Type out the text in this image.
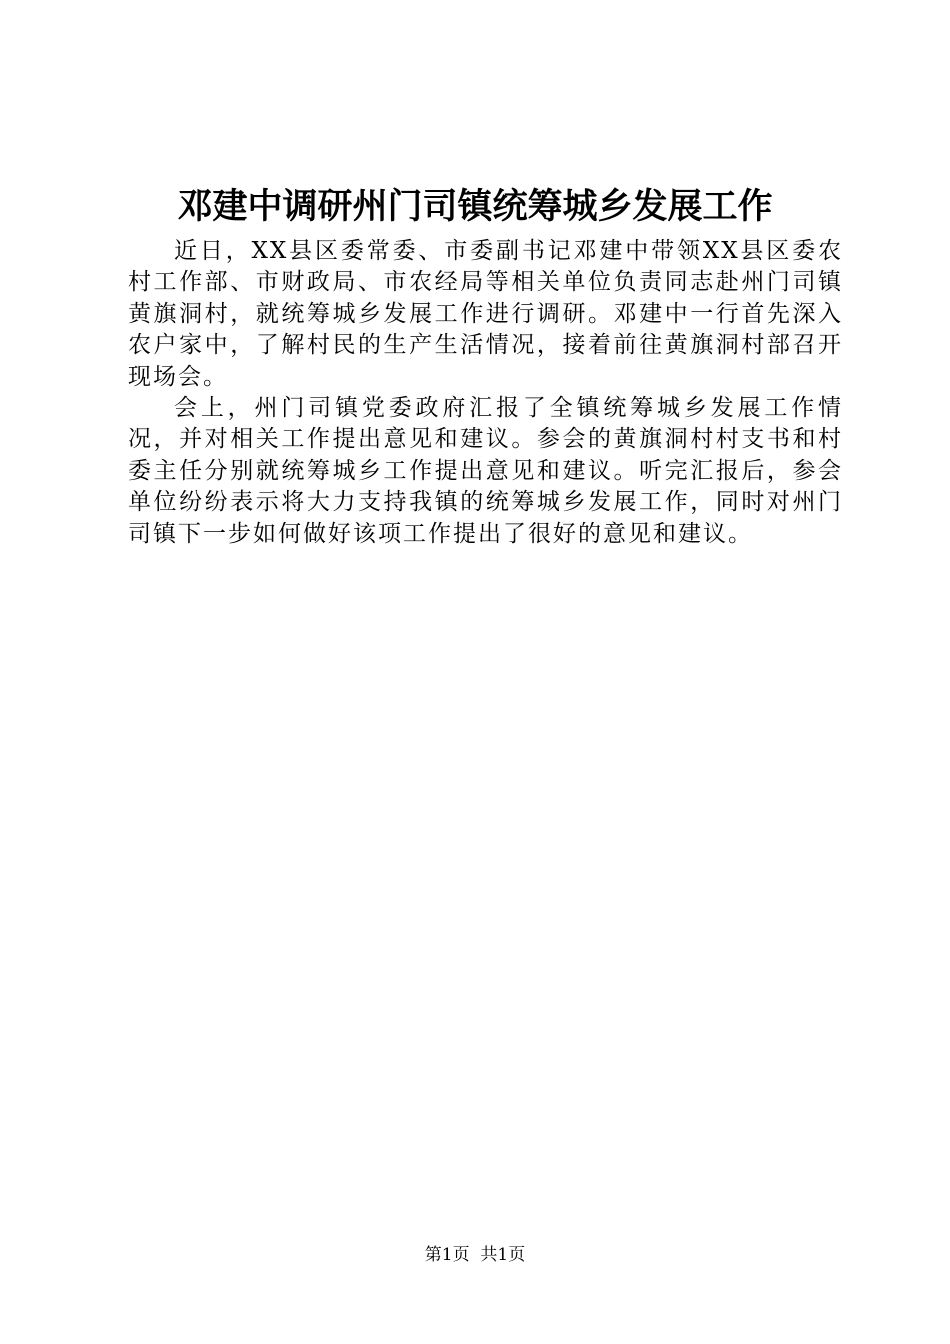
邓建中调研州门司镇统筹城乡发展工作

近日，XX县区委常委、市委副书记邓建中带领XX县区委农村工作部、市财政局、市农经局等相关单位负责同志赴州门司镇黄旗洞村，就统筹城乡发展工作进行调研。邓建中一行首先深入农户家中，了解村民的生产生活情况，接着前往黄旗洞村部召开现场会。

会上，州门司镇党委政府汇报了全镇统筹城乡发展工作情况，并对相关工作提出意见和建议。参会的黄旗洞村村支书和村委主任分别就统筹城乡工作提出意见和建议。听完汇报后，参会单位纷纷表示将大力支持我镇的统筹城乡发展工作，同时对州门司镇下一步如何做好该项工作提出了很好的意见和建议。

第1页 共1页
